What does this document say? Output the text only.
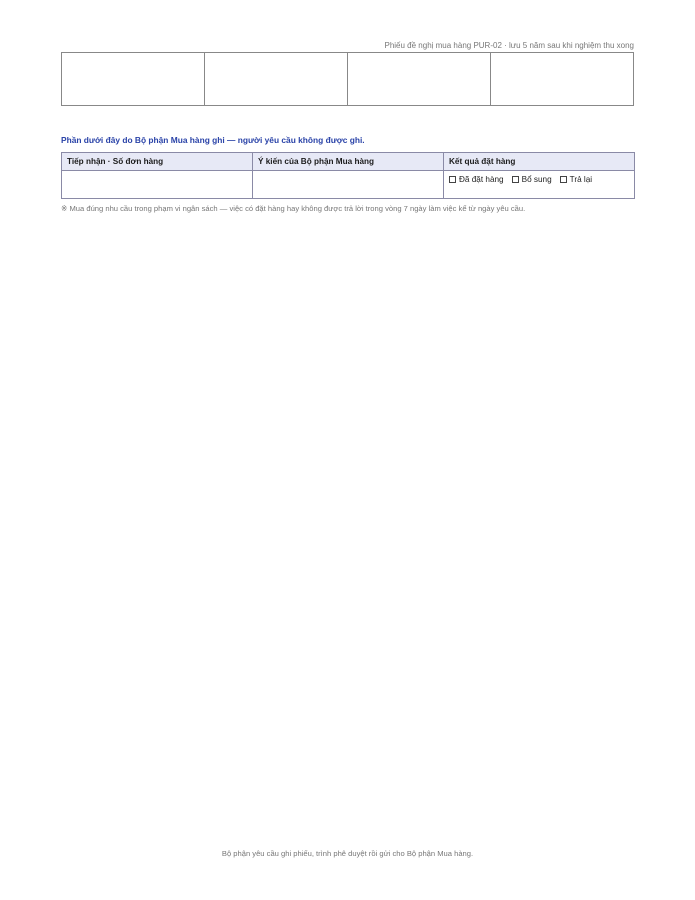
Phiếu đề nghị mua hàng PUR-02 · lưu 5 năm sau khi nghiệm thu xong

Phần dưới đây do Bộ phận Mua hàng ghi — người yêu cầu không được ghi.
Tiếp nhận · Số đơn hàng	Ý kiến của Bộ phận Mua hàng	Kết quả đặt hàng

		Đã đặt hàng Bổ sung Trả lại
※ Mua đúng nhu cầu trong phạm vi ngân sách — việc có đặt hàng hay không được trả lời trong vòng 7 ngày làm việc kể từ ngày yêu cầu.
Bộ phận yêu cầu ghi phiếu, trình phê duyệt rồi gửi cho Bộ phận Mua hàng.
